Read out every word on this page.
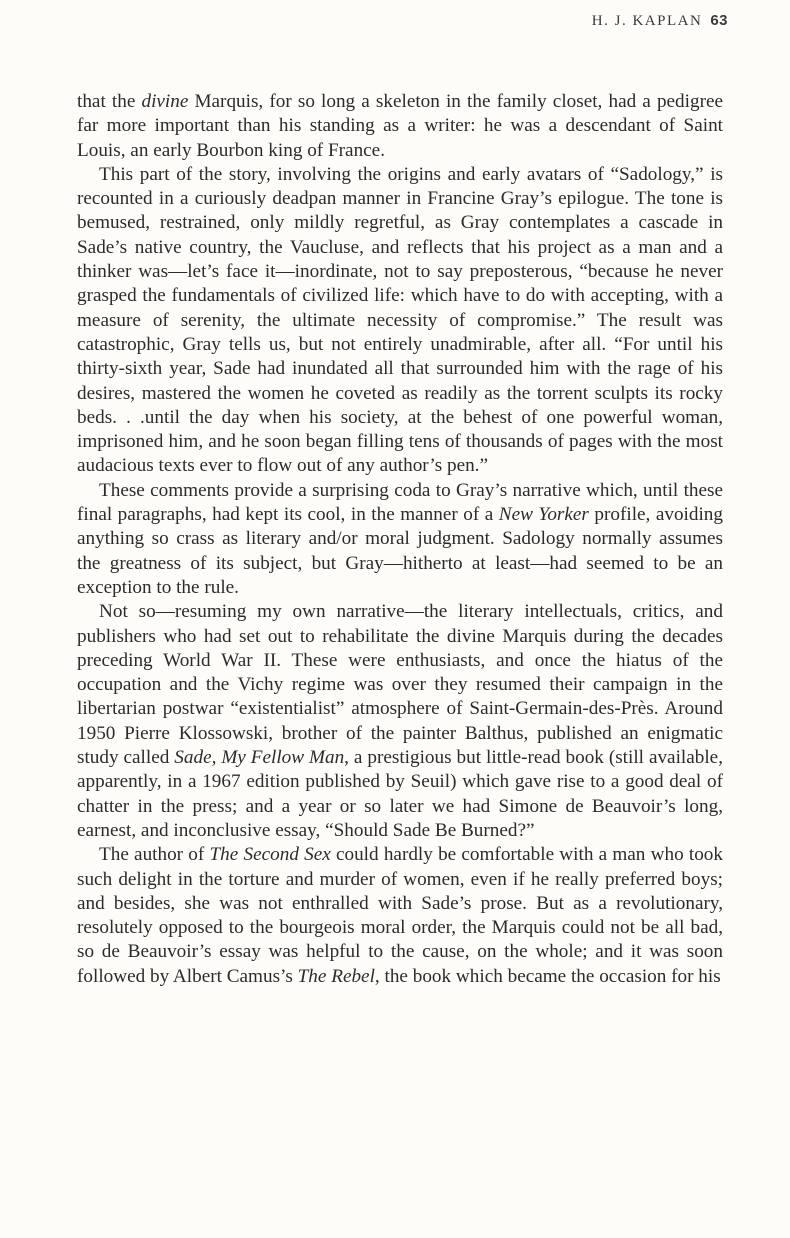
H. J. KAPLAN 63

that the divine Marquis, for so long a skeleton in the family closet, had a pedigree far more important than his standing as a writer: he was a descendant of Saint Louis, an early Bourbon king of France.

This part of the story, involving the origins and early avatars of “Sadology,” is recounted in a curiously deadpan manner in Francine Gray’s epilogue. The tone is bemused, restrained, only mildly regretful, as Gray contemplates a cascade in Sade’s native country, the Vaucluse, and reflects that his project as a man and a thinker was—let’s face it—inordinate, not to say preposterous, “because he never grasped the fundamentals of civilized life: which have to do with accepting, with a measure of serenity, the ultimate necessity of compromise.” The result was catastrophic, Gray tells us, but not entirely unadmirable, after all. “For until his thirty-sixth year, Sade had inundated all that surrounded him with the rage of his desires, mastered the women he coveted as readily as the torrent sculpts its rocky beds. . .until the day when his society, at the behest of one powerful woman, imprisoned him, and he soon began filling tens of thousands of pages with the most audacious texts ever to flow out of any author’s pen.”

These comments provide a surprising coda to Gray’s narrative which, until these final paragraphs, had kept its cool, in the manner of a New Yorker profile, avoiding anything so crass as literary and/or moral judgment. Sadology normally assumes the greatness of its subject, but Gray—hitherto at least—had seemed to be an exception to the rule.

Not so—resuming my own narrative—the literary intellectuals, critics, and publishers who had set out to rehabilitate the divine Marquis during the decades preceding World War II. These were enthusiasts, and once the hiatus of the occupation and the Vichy regime was over they resumed their campaign in the libertarian postwar “existentialist” atmosphere of Saint-Germain-des-Près. Around 1950 Pierre Klossowski, brother of the painter Balthus, published an enigmatic study called Sade, My Fellow Man, a prestigious but little-read book (still available, apparently, in a 1967 edition published by Seuil) which gave rise to a good deal of chatter in the press; and a year or so later we had Simone de Beauvoir’s long, earnest, and inconclusive essay, “Should Sade Be Burned?”

The author of The Second Sex could hardly be comfortable with a man who took such delight in the torture and murder of women, even if he really preferred boys; and besides, she was not enthralled with Sade’s prose. But as a revolutionary, resolutely opposed to the bourgeois moral order, the Marquis could not be all bad, so de Beauvoir’s essay was helpful to the cause, on the whole; and it was soon followed by Albert Camus’s The Rebel, the book which became the occasion for his
